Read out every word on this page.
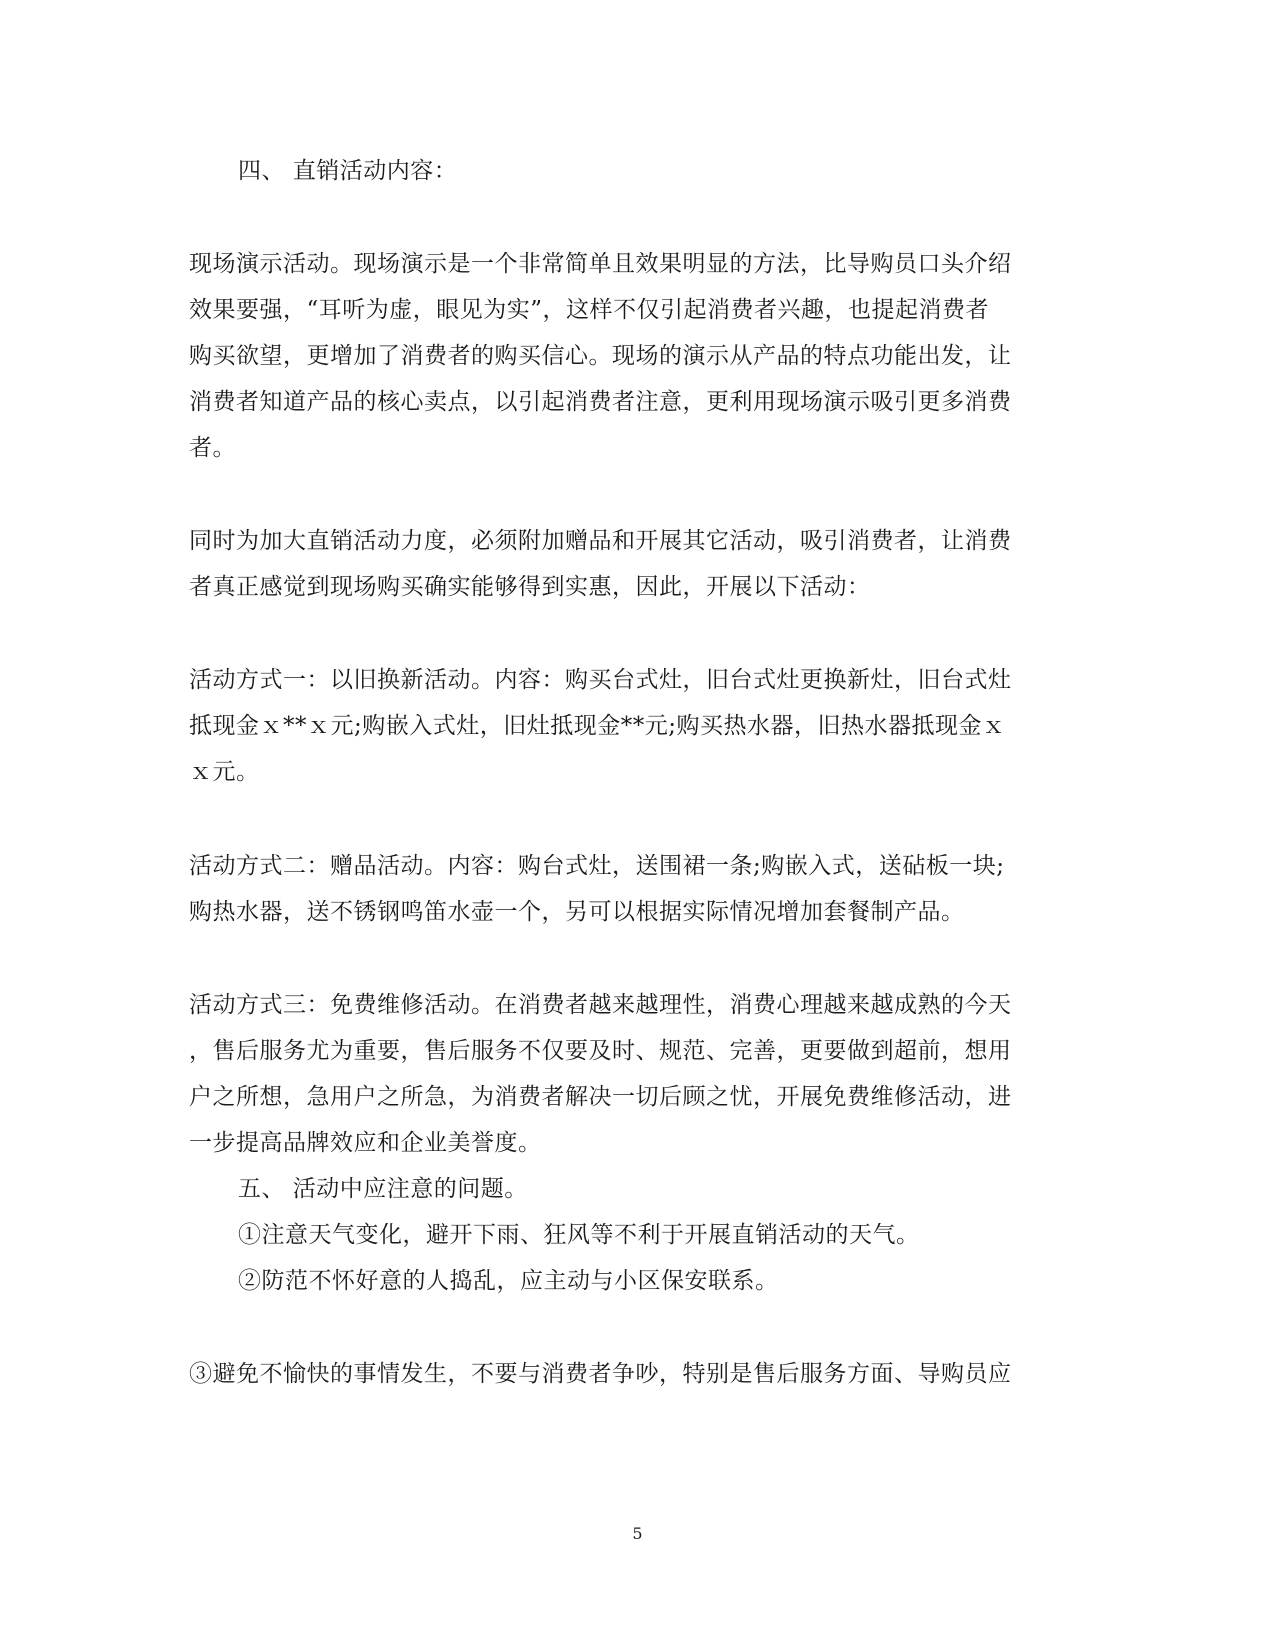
四、 直销活动内容：
现场演示活动。现场演示是一个非常简单且效果明显的方法，比导购员口头介绍
效果要强，“耳听为虚，眼见为实”，这样不仅引起消费者兴趣，也提起消费者
购买欲望，更增加了消费者的购买信心。现场的演示从产品的特点功能出发，让
消费者知道产品的核心卖点，以引起消费者注意，更利用现场演示吸引更多消费
者。
同时为加大直销活动力度，必须附加赠品和开展其它活动，吸引消费者，让消费
者真正感觉到现场购买确实能够得到实惠，因此，开展以下活动：
活动方式一：以旧换新活动。内容：购买台式灶，旧台式灶更换新灶，旧台式灶
抵现金ｘ**ｘ元;购嵌入式灶，旧灶抵现金**元;购买热水器，旧热水器抵现金ｘ
ｘ元。
活动方式二：赠品活动。内容：购台式灶，送围裙一条;购嵌入式，送砧板一块;
购热水器，送不锈钢鸣笛水壶一个，另可以根据实际情况增加套餐制产品。
活动方式三：免费维修活动。在消费者越来越理性，消费心理越来越成熟的今天
，售后服务尤为重要，售后服务不仅要及时、规范、完善，更要做到超前，想用
户之所想，急用户之所急，为消费者解决一切后顾之忧，开展免费维修活动，进
一步提高品牌效应和企业美誉度。
五、 活动中应注意的问题。
①注意天气变化，避开下雨、狂风等不利于开展直销活动的天气。
②防范不怀好意的人捣乱，应主动与小区保安联系。
③避免不愉快的事情发生，不要与消费者争吵，特别是售后服务方面、导购员应
5
